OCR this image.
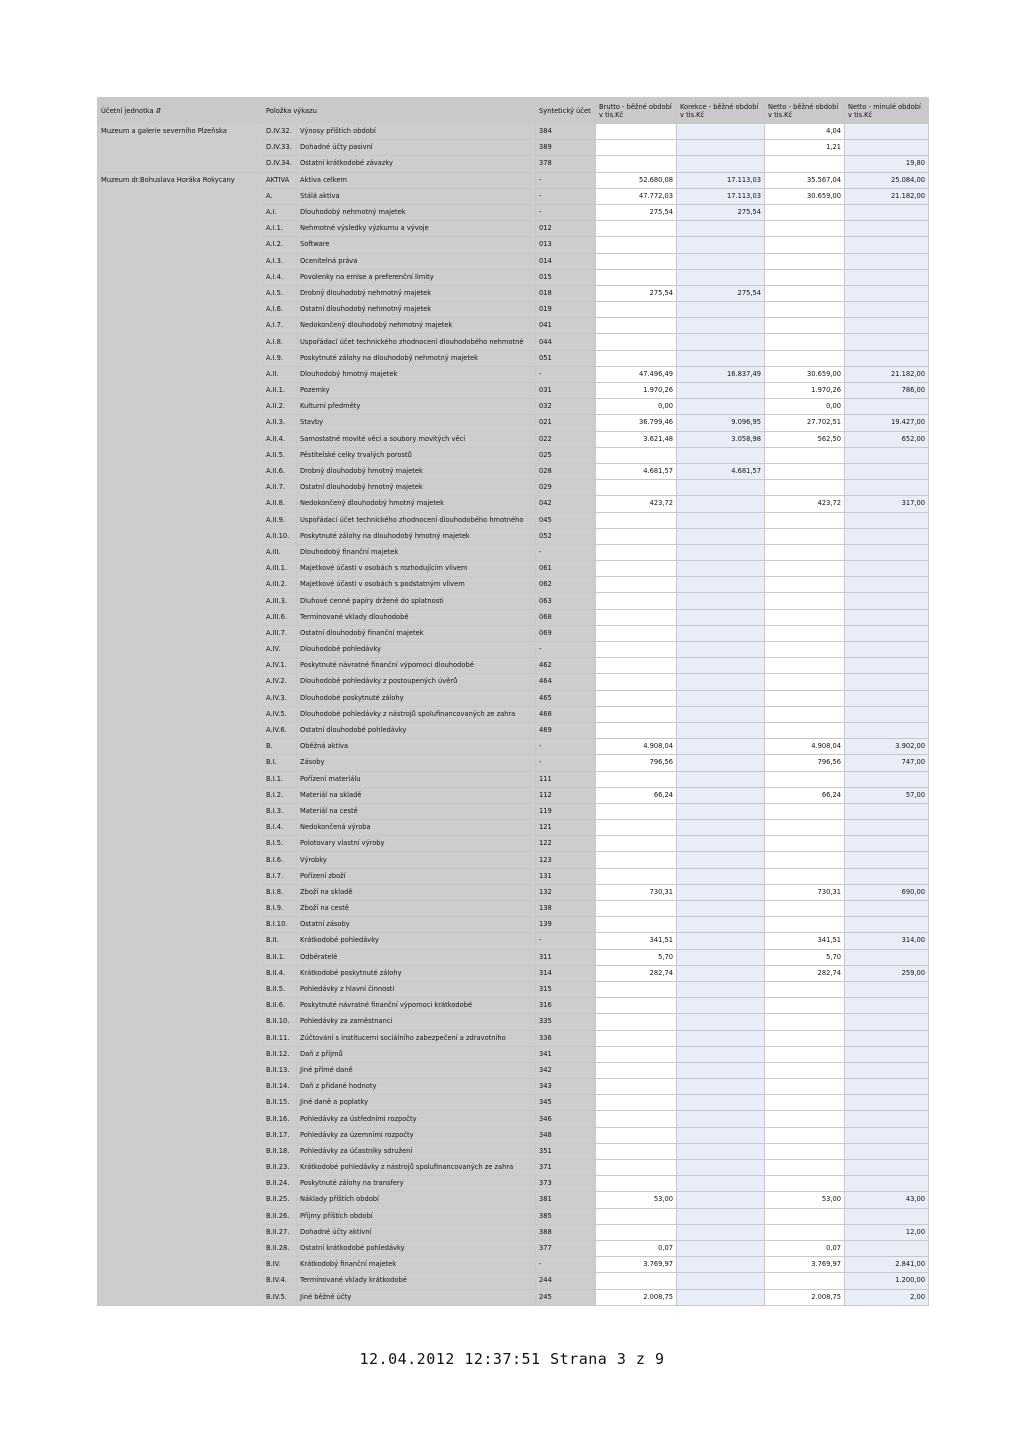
Účetní jednotka ⇵	Položka výkazu		Syntetický účet	Brutto - běžné období v tis.Kč	Korekce - běžné období v tis.Kč	Netto - běžné období v tis.Kč	Netto - minulé období v tis.Kč
Muzeum a galerie severního Plzeňska	D.IV.32.	Výnosy příštích období	384			4,04	
	D.IV.33.	Dohadné účty pasivní	389			1,21	
	D.IV.34.	Ostatní krátkodobé závazky	378				19,80
Muzeum dr.Bohuslava Horáka Rokycany	AKTIVA	Aktiva celkem	-	52.680,08	17.113,03	35.567,04	25.084,00
	A.	Stálá aktiva	-	47.772,03	17.113,03	30.659,00	21.182,00
	A.I.	Dlouhodobý nehmotný majetek	-	275,54	275,54		
	A.I.1.	Nehmotné výsledky výzkumu a vývoje	012				
	A.I.2.	Software	013				
	A.I.3.	Ocenitelná práva	014				
	A.I.4.	Povolenky na emise a preferenční limity	015				
	A.I.5.	Drobný dlouhodobý nehmotný majetek	018	275,54	275,54		
	A.I.6.	Ostatní dlouhodobý nehmotný majetek	019				
	A.I.7.	Nedokončený dlouhodobý nehmotný majetek	041				
	A.I.8.	Uspořádací účet technického zhodnocení dlouhodobého nehmotné	044				
	A.I.9.	Poskytnuté zálohy na dlouhodobý nehmotný majetek	051				
	A.II.	Dlouhodobý hmotný majetek	-	47.496,49	16.837,49	30.659,00	21.182,00
	A.II.1.	Pozemky	031	1.970,26		1.970,26	786,00
	A.II.2.	Kulturní předměty	032	0,00		0,00	
	A.II.3.	Stavby	021	36.799,46	9.096,95	27.702,51	19.427,00
	A.II.4.	Samostatné movité věci a soubory movitých věcí	022	3.621,48	3.058,98	562,50	652,00
	A.II.5.	Pěstitelské celky trvalých porostů	025				
	A.II.6.	Drobný dlouhodobý hmotný majetek	028	4.681,57	4.681,57		
	A.II.7.	Ostatní dlouhodobý hmotný majetek	029				
	A.II.8.	Nedokončený dlouhodobý hmotný majetek	042	423,72		423,72	317,00
	A.II.9.	Uspořádací účet technického zhodnocení dlouhodobého hmotného	045				
	A.II.10.	Poskytnuté zálohy na dlouhodobý hmotný majetek	052				
	A.III.	Dlouhodobý finanční majetek	-				
	A.III.1.	Majetkové účasti v osobách s rozhodujícím vlivem	061				
	A.III.2.	Majetkové účasti v osobách s podstatným vlivem	062				
	A.III.3.	Dluhové cenné papíry držené do splatnosti	063				
	A.III.6.	Termínované vklady dlouhodobé	068				
	A.III.7.	Ostatní dlouhodobý finanční majetek	069				
	A.IV.	Dlouhodobé pohledávky	-				
	A.IV.1.	Poskytnuté návratné finanční výpomoci dlouhodobé	462				
	A.IV.2.	Dlouhodobé pohledávky z postoupených úvěrů	464				
	A.IV.3.	Dlouhodobé poskytnuté zálohy	465				
	A.IV.5.	Dlouhodobé pohledávky z nástrojů spolufinancovaných ze zahra	468				
	A.IV.6.	Ostatní dlouhodobé pohledávky	469				
	B.	Oběžná aktiva	-	4.908,04		4.908,04	3.902,00
	B.I.	Zásoby	-	796,56		796,56	747,00
	B.I.1.	Pořízení materiálu	111				
	B.I.2.	Materiál na skladě	112	66,24		66,24	57,00
	B.I.3.	Materiál na cestě	119				
	B.I.4.	Nedokončená výroba	121				
	B.I.5.	Polotovary vlastní výroby	122				
	B.I.6.	Výrobky	123				
	B.I.7.	Pořízení zboží	131				
	B.I.8.	Zboží na skladě	132	730,31		730,31	690,00
	B.I.9.	Zboží na cestě	138				
	B.I.10.	Ostatní zásoby	139				
	B.II.	Krátkodobé pohledávky	-	341,51		341,51	314,00
	B.II.1.	Odběratelé	311	5,70		5,70	
	B.II.4.	Krátkodobé poskytnuté zálohy	314	282,74		282,74	259,00
	B.II.5.	Pohledávky z hlavní činnosti	315				
	B.II.6.	Poskytnuté návratné finanční výpomoci krátkodobé	316				
	B.II.10.	Pohledávky za zaměstnanci	335				
	B.II.11.	Zúčtování s institucemi sociálního zabezpečení a zdravotního	336				
	B.II.12.	Daň z příjmů	341				
	B.II.13.	Jiné přímé daně	342				
	B.II.14.	Daň z přidané hodnoty	343				
	B.II.15.	Jiné daně a poplatky	345				
	B.II.16.	Pohledávky za ústředními rozpočty	346				
	B.II.17.	Pohledávky za územními rozpočty	348				
	B.II.18.	Pohledávky za účastníky sdružení	351				
	B.II.23.	Krátkodobé pohledávky z nástrojů spolufinancovaných ze zahra	371				
	B.II.24.	Poskytnuté zálohy na transfery	373				
	B.II.25.	Náklady příštích období	381	53,00		53,00	43,00
	B.II.26.	Příjmy příštích období	385				
	B.II.27.	Dohadné účty aktivní	388				12,00
	B.II.28.	Ostatní krátkodobé pohledávky	377	0,07		0,07	
	B.IV.	Krátkodobý finanční majetek	-	3.769,97		3.769,97	2.841,00
	B.IV.4.	Termínované vklady krátkodobé	244				1.200,00
	B.IV.5.	Jiné běžné účty	245	2.008,75		2.008,75	2,00
12.04.2012 12:37:51 Strana 3 z 9
